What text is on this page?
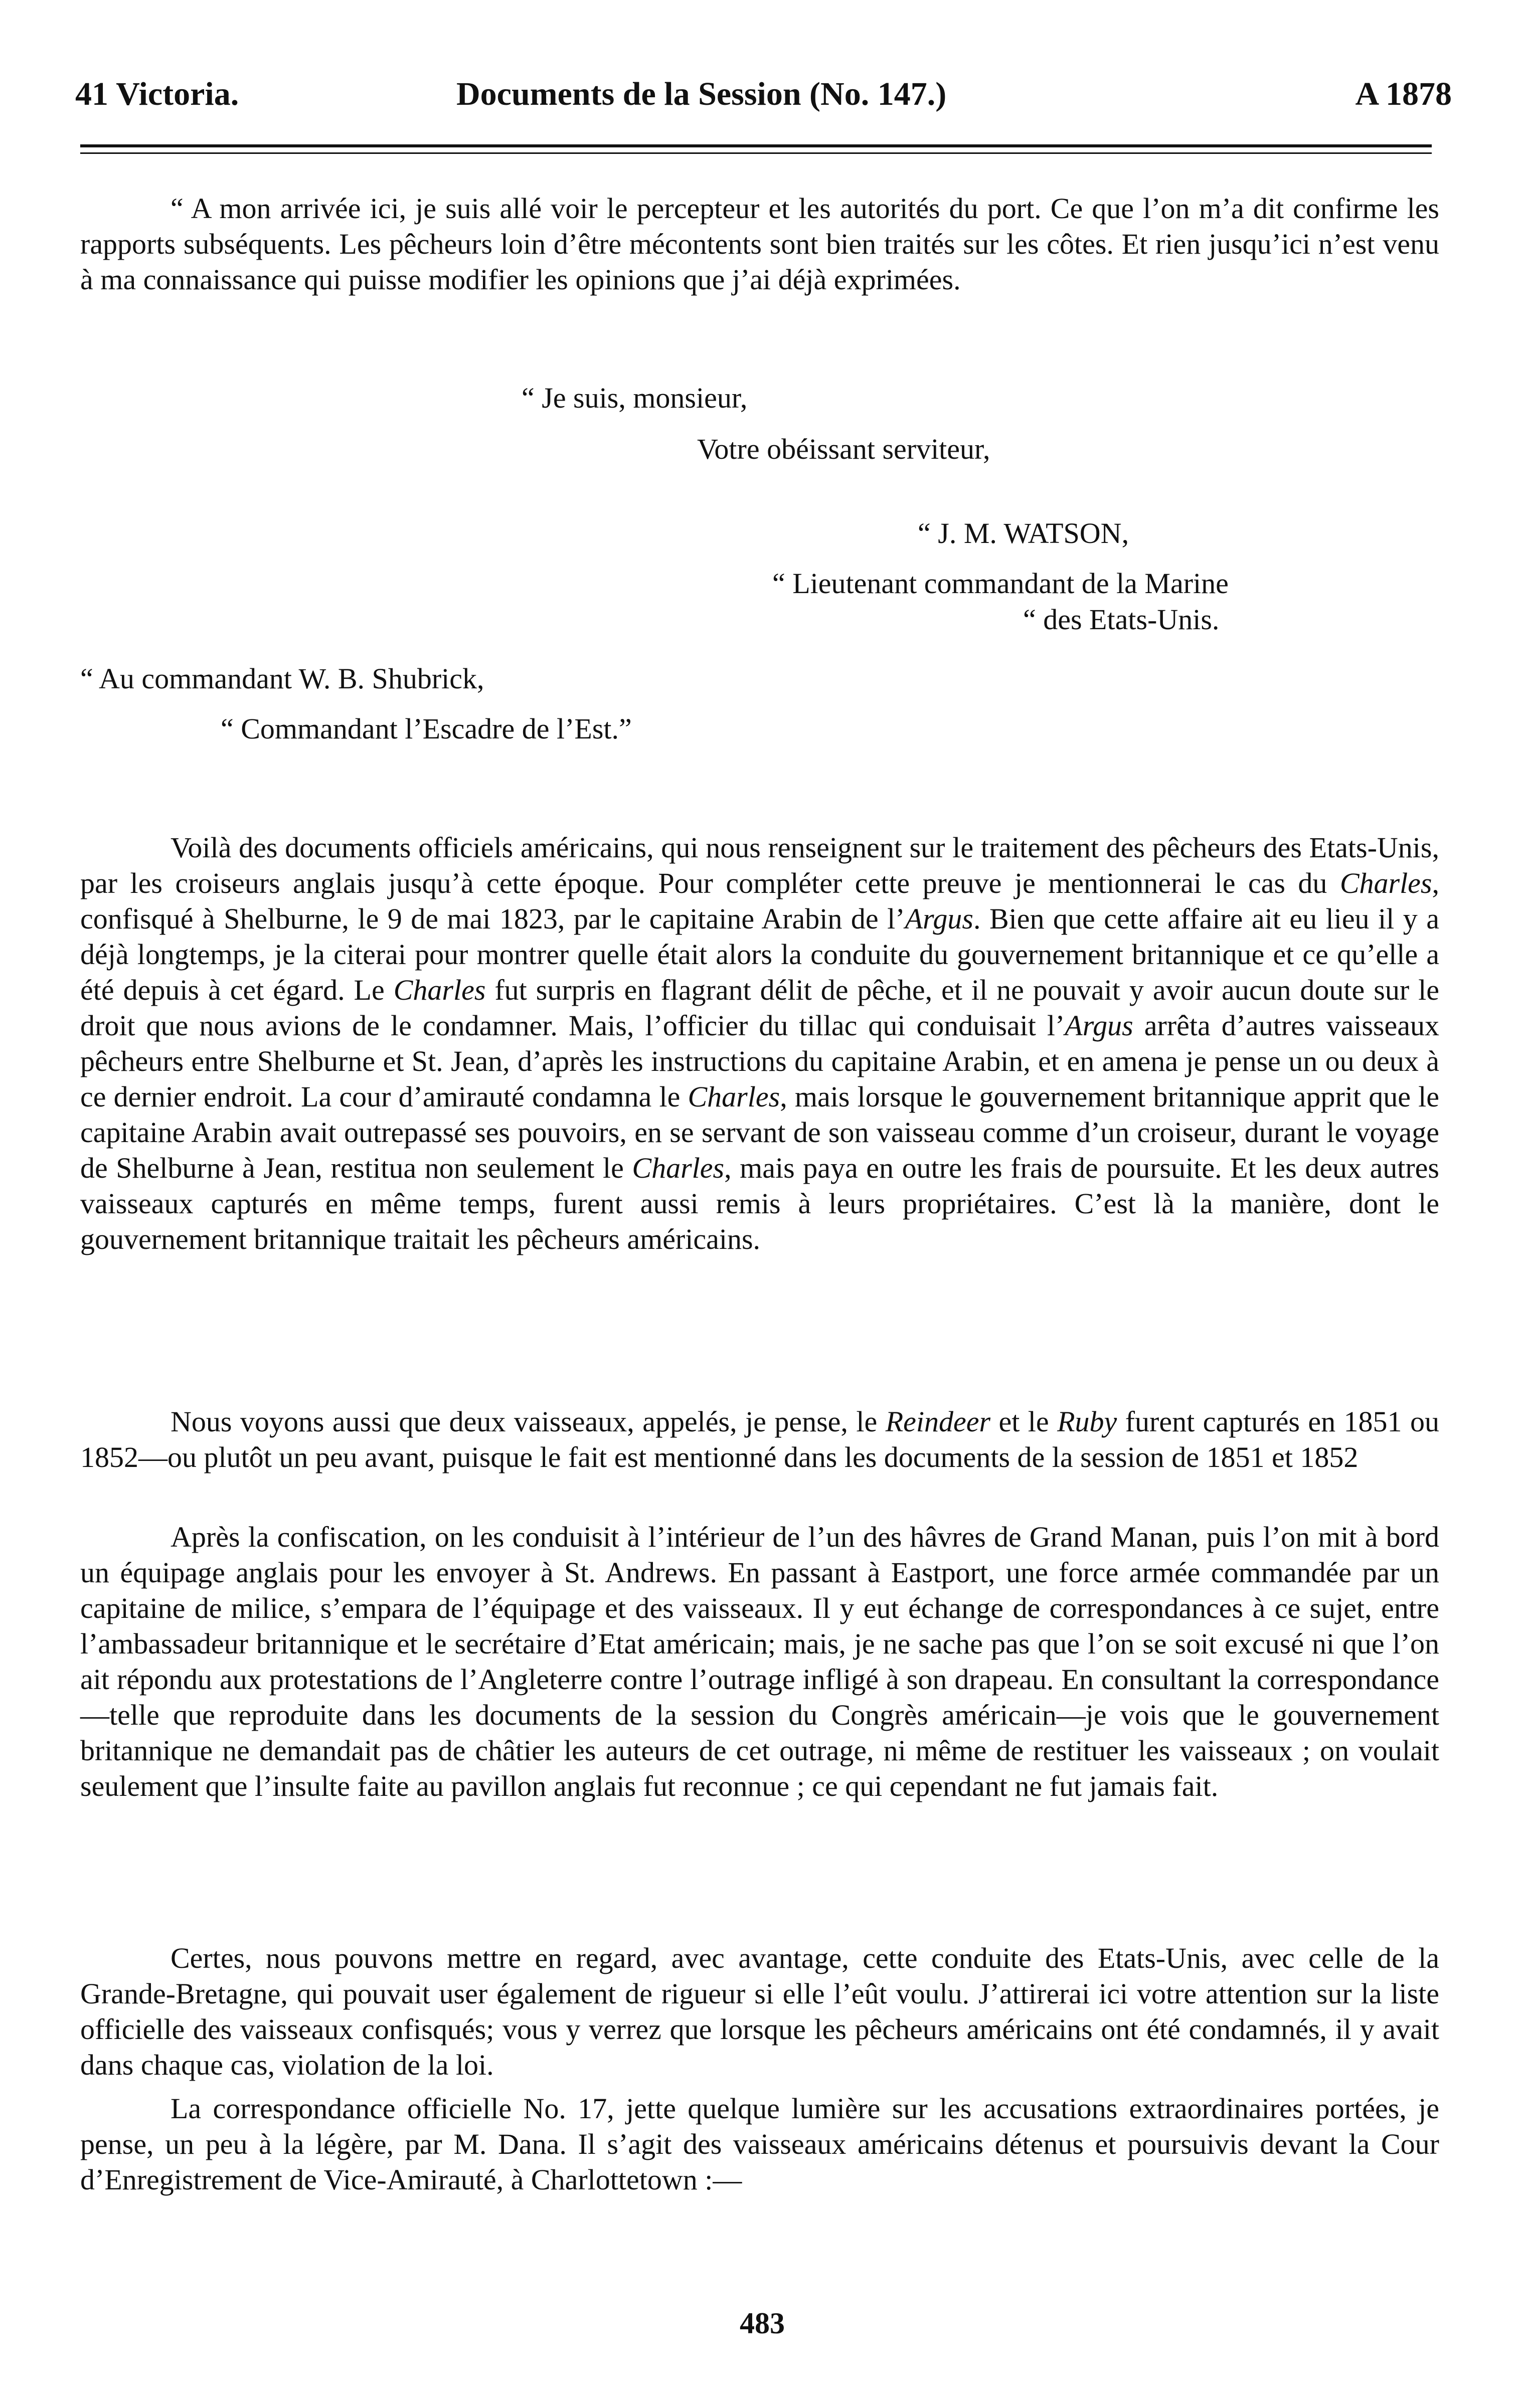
41 Victoria.	Documents de la Session (No. 147.)	A 1878
“ A mon arrivée ici, je suis allé voir le percepteur et les autorités du port. Ce que l’on m’a dit confirme les rapports subséquents. Les pêcheurs loin d’être mécontents sont bien traités sur les côtes. Et rien jusqu’ici n’est venu à ma connaissance qui puisse modifier les opinions que j’ai déjà exprimées.
“ Je suis, monsieur,
Votre obéissant serviteur,
“ J. M. WATSON,
“ Lieutenant commandant de la Marine
“ des Etats-Unis.
“ Au commandant W. B. Shubrick,
“ Commandant l’Escadre de l’Est.”
Voilà des documents officiels américains, qui nous renseignent sur le traitement des pêcheurs des Etats-Unis, par les croiseurs anglais jusqu’à cette époque. Pour compléter cette preuve je mentionnerai le cas du Charles, confisqué à Shelburne, le 9 de mai 1823, par le capitaine Arabin de l’Argus. Bien que cette affaire ait eu lieu il y a déjà longtemps, je la citerai pour montrer quelle était alors la conduite du gouvernement britannique et ce qu’elle a été depuis à cet égard. Le Charles fut surpris en flagrant délit de pêche, et il ne pouvait y avoir aucun doute sur le droit que nous avions de le condamner. Mais, l’officier du tillac qui conduisait l’Argus arrêta d’autres vaisseaux pêcheurs entre Shelburne et St. Jean, d’après les instructions du capitaine Arabin, et en amena je pense un ou deux à ce dernier endroit. La cour d’amirauté condamna le Charles, mais lorsque le gouvernement britannique apprit que le capitaine Arabin avait outrepassé ses pouvoirs, en se servant de son vaisseau comme d’un croiseur, durant le voyage de Shelburne à Jean, restitua non seulement le Charles, mais paya en outre les frais de poursuite. Et les deux autres vaisseaux capturés en même temps, furent aussi remis à leurs propriétaires. C’est là la manière, dont le gouvernement britannique traitait les pêcheurs américains.
Nous voyons aussi que deux vaisseaux, appelés, je pense, le Reindeer et le Ruby furent capturés en 1851 ou 1852—ou plutôt un peu avant, puisque le fait est mentionné dans les documents de la session de 1851 et 1852
Après la confiscation, on les conduisit à l’intérieur de l’un des hâvres de Grand Manan, puis l’on mit à bord un équipage anglais pour les envoyer à St. Andrews. En passant à Eastport, une force armée commandée par un capitaine de milice, s’empara de l’équipage et des vaisseaux. Il y eut échange de correspondances à ce sujet, entre l’ambassadeur britannique et le secrétaire d’Etat américain; mais, je ne sache pas que l’on se soit excusé ni que l’on ait répondu aux protestations de l’Angleterre contre l’outrage infligé à son drapeau. En consultant la correspondance—telle que reproduite dans les documents de la session du Congrès américain—je vois que le gouvernement britannique ne demandait pas de châtier les auteurs de cet outrage, ni même de restituer les vaisseaux ; on voulait seulement que l’insulte faite au pavillon anglais fut reconnue ; ce qui cependant ne fut jamais fait.
Certes, nous pouvons mettre en regard, avec avantage, cette conduite des Etats-Unis, avec celle de la Grande-Bretagne, qui pouvait user également de rigueur si elle l’eût voulu. J’attirerai ici votre attention sur la liste officielle des vaisseaux confisqués; vous y verrez que lorsque les pêcheurs américains ont été condamnés, il y avait dans chaque cas, violation de la loi.
La correspondance officielle No. 17, jette quelque lumière sur les accusations extraordinaires portées, je pense, un peu à la légère, par M. Dana. Il s’agit des vaisseaux américains détenus et poursuivis devant la Cour d’Enregistrement de Vice-Amirauté, à Charlottetown :—
483
